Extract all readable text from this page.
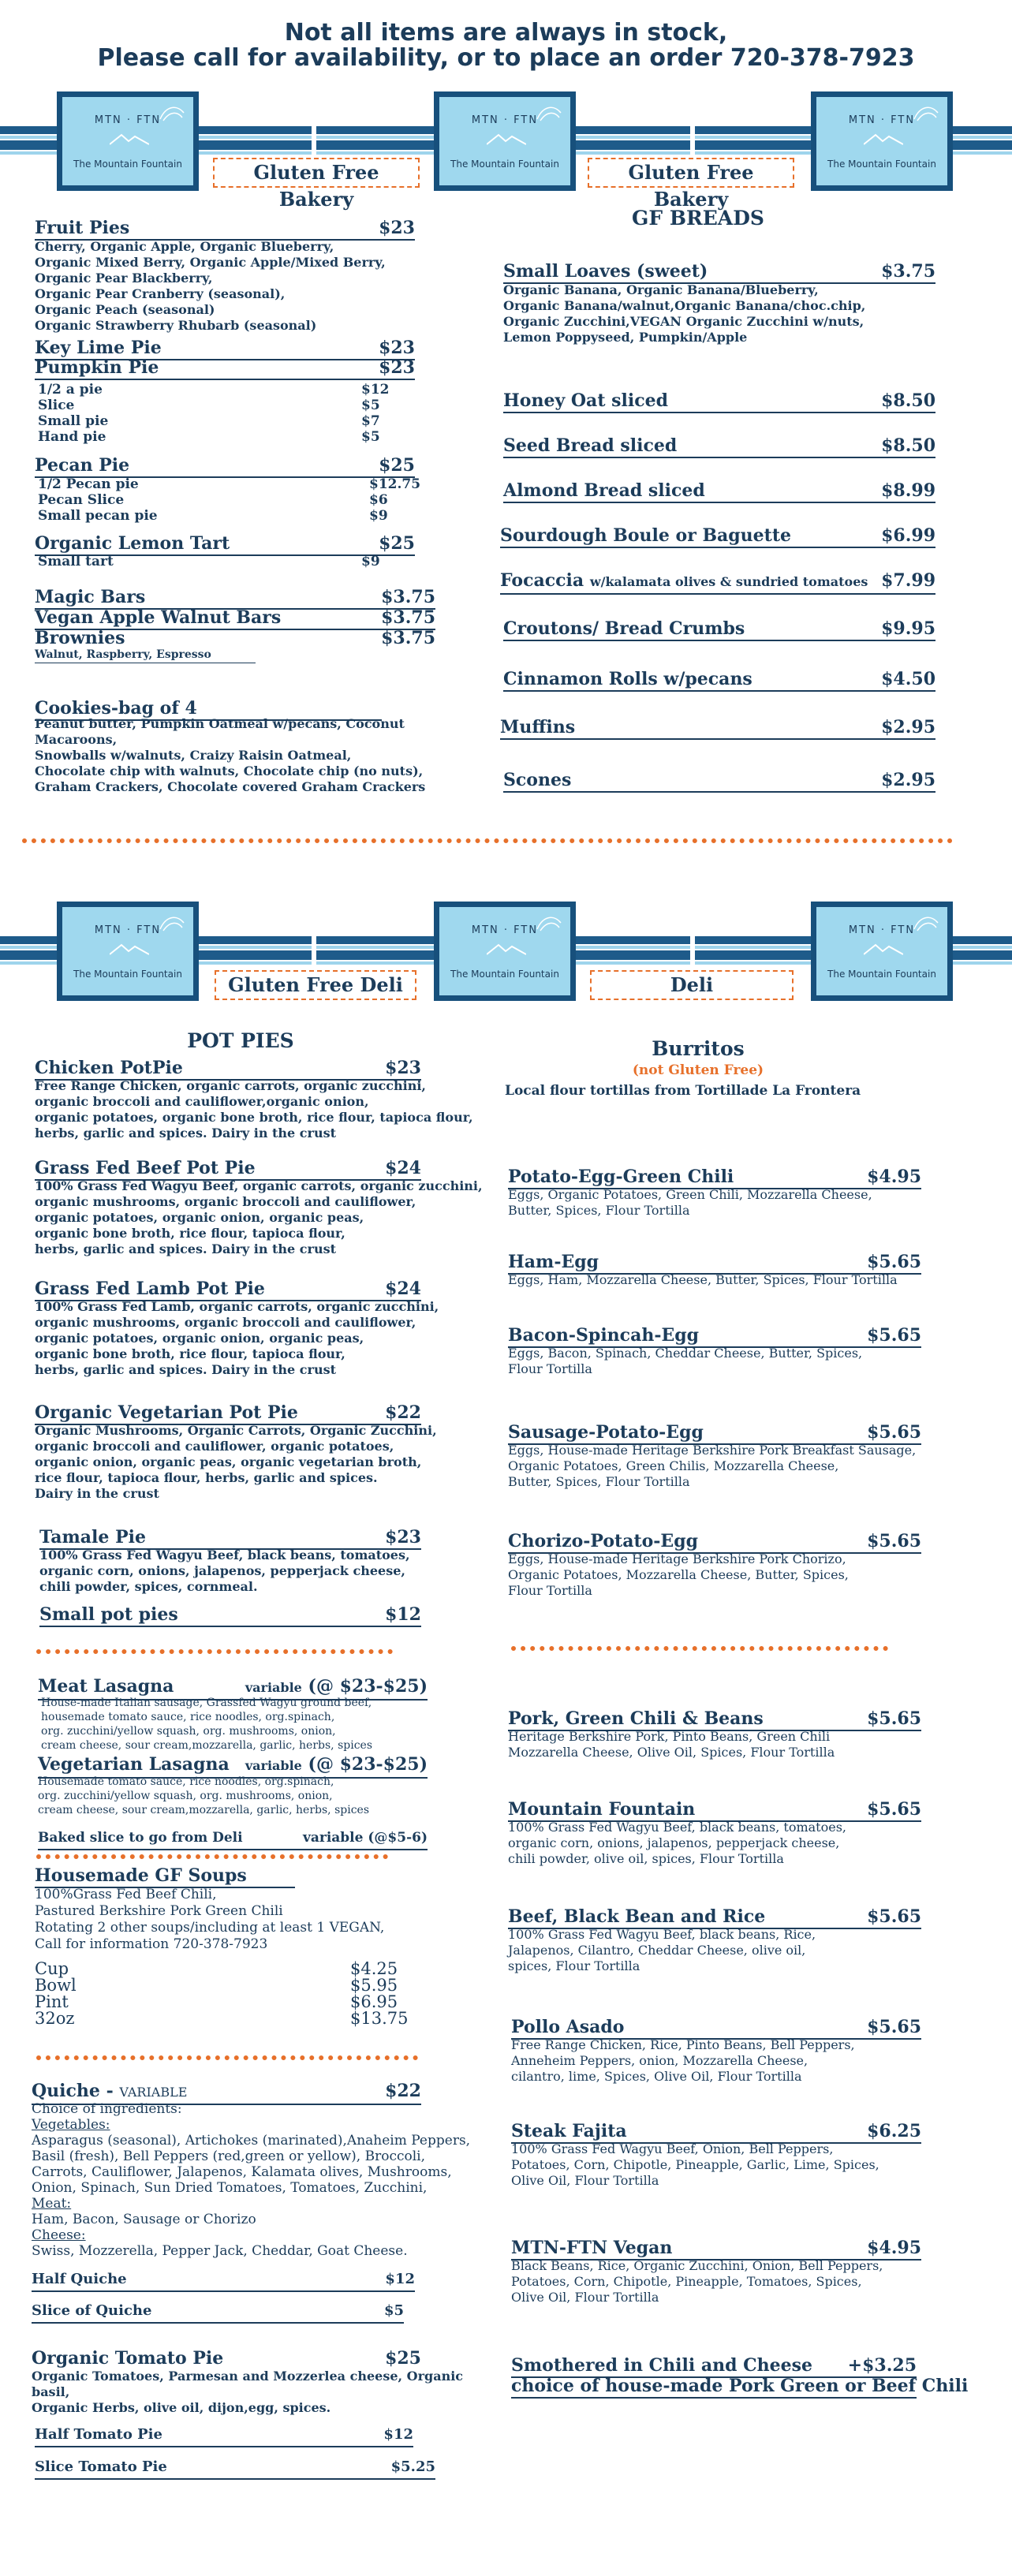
Not all items are always in stock,
Please call for availability, or to place an order 720-378-7923
MTN · FTN
The Mountain Fountain
MTN · FTN
The Mountain Fountain
MTN · FTN
The Mountain Fountain
Gluten Free Bakery
Gluten Free Bakery
Fruit Pies	$23
Cherry, Organic Apple, Organic Blueberry,
Organic Mixed Berry, Organic Apple/Mixed Berry,
Organic Pear Blackberry,
Organic Pear Cranberry (seasonal),
Organic Peach (seasonal)
Organic Strawberry Rhubarb (seasonal)
Key Lime Pie	$23
Pumpkin Pie	$23
1/2 a pie	$12
Slice	$5
Small pie	$7
Hand pie	$5
Pecan Pie	$25
1/2 Pecan pie	$12.75
Pecan Slice	$6
Small pecan pie	$9
Organic Lemon Tart	$25
Small tart	$9
Magic Bars	$3.75
Vegan Apple Walnut Bars	$3.75
Brownies	$3.75
Walnut, Raspberry, Espresso
Cookies-bag of 4
Peanut butter, Pumpkin Oatmeal w/pecans, Coconut Macaroons,
Snowballs w/walnuts, Craizy Raisin Oatmeal,
Chocolate chip with walnuts, Chocolate chip (no nuts),
Graham Crackers, Chocolate covered Graham Crackers
GF BREADS
Small Loaves (sweet)	$3.75
Organic Banana, Organic Banana/Blueberry,
Organic Banana/walnut,Organic Banana/choc.chip,
Organic Zucchini,VEGAN Organic Zucchini w/nuts,
Lemon Poppyseed, Pumpkin/Apple
Honey Oat sliced	$8.50
Seed Bread sliced	$8.50
Almond Bread sliced	$8.99
Sourdough Boule or Baguette	$6.99
Focaccia w/kalamata olives & sundried tomatoes $7.99
Croutons/ Bread Crumbs	$9.95
Cinnamon Rolls w/pecans	$4.50
Muffins	$2.95
Scones	$2.95
MTN · FTN
The Mountain Fountain
MTN · FTN
The Mountain Fountain
MTN · FTN
The Mountain Fountain
Gluten Free Deli	Deli
POT PIES
Chicken PotPie	$23
Free Range Chicken, organic carrots, organic zucchini,
organic broccoli and cauliflower,organic onion,
organic potatoes, organic bone broth, rice flour, tapioca flour,
herbs, garlic and spices. Dairy in the crust
Grass Fed Beef Pot Pie	$24
100% Grass Fed Wagyu Beef, organic carrots, organic zucchini,
organic mushrooms, organic broccoli and cauliflower,
organic potatoes, organic onion, organic peas,
organic bone broth, rice flour, tapioca flour,
herbs, garlic and spices. Dairy in the crust
Grass Fed Lamb Pot Pie	$24
100% Grass Fed Lamb, organic carrots, organic zucchini,
organic mushrooms, organic broccoli and cauliflower,
organic potatoes, organic onion, organic peas,
organic bone broth, rice flour, tapioca flour,
herbs, garlic and spices. Dairy in the crust
Organic Vegetarian Pot Pie	$22
Organic Mushrooms, Organic Carrots, Organic Zucchini,
organic broccoli and cauliflower, organic potatoes,
organic onion, organic peas, organic vegetarian broth,
rice flour, tapioca flour, herbs, garlic and spices.
Dairy in the crust
Tamale Pie	$23
100% Grass Fed Wagyu Beef, black beans, tomatoes,
organic corn, onions, jalapenos, pepperjack cheese,
chili powder, spices, cornmeal.
Small pot pies	$12
Meat Lasagna	variable (@ $23-$25)
House-made Italian sausage, Grassfed Wagyu ground beef,
housemade tomato sauce, rice noodles, org.spinach,
org. zucchini/yellow squash, org. mushrooms, onion,
cream cheese, sour cream,mozzarella, garlic, herbs, spices
Vegetarian Lasagna variable (@ $23-$25)
Housemade tomato sauce, rice noodles, org.spinach,
org. zucchini/yellow squash, org. mushrooms, onion,
cream cheese, sour cream,mozzarella, garlic, herbs, spices
Baked slice to go from Deli	variable (@$5-6)
Housemade GF Soups
100%Grass Fed Beef Chili,
Pastured Berkshire Pork Green Chili
Rotating 2 other soups/including at least 1 VEGAN,
Call for information 720-378-7923
Cup	$4.25
Bowl	$5.95
Pint	$6.95
32oz	$13.75
Quiche - VARIABLE	$22
Choice of ingredients:
Vegetables:
Asparagus (seasonal), Artichokes (marinated),Anaheim Peppers,
Basil (fresh), Bell Peppers (red,green or yellow), Broccoli,
Carrots, Cauliflower, Jalapenos, Kalamata olives, Mushrooms,
Onion, Spinach, Sun Dried Tomatoes, Tomatoes, Zucchini,
Meat:
Ham, Bacon, Sausage or Chorizo
Cheese:
Swiss, Mozzerella, Pepper Jack, Cheddar, Goat Cheese.
Half Quiche	$12
Slice of Quiche	$5
Organic Tomato Pie	$25
Organic Tomatoes, Parmesan and Mozzerlea cheese, Organic basil,
Organic Herbs, olive oil, dijon,egg, spices.
Half Tomato Pie	$12
Slice Tomato Pie	$5.25
Burritos
(not Gluten Free)
Local flour tortillas from Tortillade La Frontera
Potato-Egg-Green Chili	$4.95
Eggs, Organic Potatoes, Green Chili, Mozzarella Cheese,
Butter, Spices, Flour Tortilla
Ham-Egg	$5.65
Eggs, Ham, Mozzarella Cheese, Butter, Spices, Flour Tortilla
Bacon-Spincah-Egg	$5.65
Eggs, Bacon, Spinach, Cheddar Cheese, Butter, Spices,
Flour Tortilla
Sausage-Potato-Egg	$5.65
Eggs, House-made Heritage Berkshire Pork Breakfast Sausage,
Organic Potatoes, Green Chilis, Mozzarella Cheese,
Butter, Spices, Flour Tortilla
Chorizo-Potato-Egg	$5.65
Eggs, House-made Heritage Berkshire Pork Chorizo,
Organic Potatoes, Mozzarella Cheese, Butter, Spices,
Flour Tortilla
Pork, Green Chili & Beans	$5.65
Heritage Berkshire Pork, Pinto Beans, Green Chili
Mozzarella Cheese, Olive Oil, Spices, Flour Tortilla
Mountain Fountain	$5.65
100% Grass Fed Wagyu Beef, black beans, tomatoes,
organic corn, onions, jalapenos, pepperjack cheese,
chili powder, olive oil, spices, Flour Tortilla
Beef, Black Bean and Rice	$5.65
100% Grass Fed Wagyu Beef, black beans, Rice,
Jalapenos, Cilantro, Cheddar Cheese, olive oil,
spices, Flour Tortilla
Pollo Asado	$5.65
Free Range Chicken, Rice, Pinto Beans, Bell Peppers,
Anneheim Peppers, onion, Mozzarella Cheese,
cilantro, lime, Spices, Olive Oil, Flour Tortilla
Steak Fajita	$6.25
100% Grass Fed Wagyu Beef, Onion, Bell Peppers,
Potatoes, Corn, Chipotle, Pineapple, Garlic, Lime, Spices,
Olive Oil, Flour Tortilla
MTN-FTN Vegan	$4.95
Black Beans, Rice, Organic Zucchini, Onion, Bell Peppers,
Potatoes, Corn, Chipotle, Pineapple, Tomatoes, Spices,
Olive Oil, Flour Tortilla
Smothered in Chili and Cheese +$3.25
choice of house-made Pork Green or Beef Chili
